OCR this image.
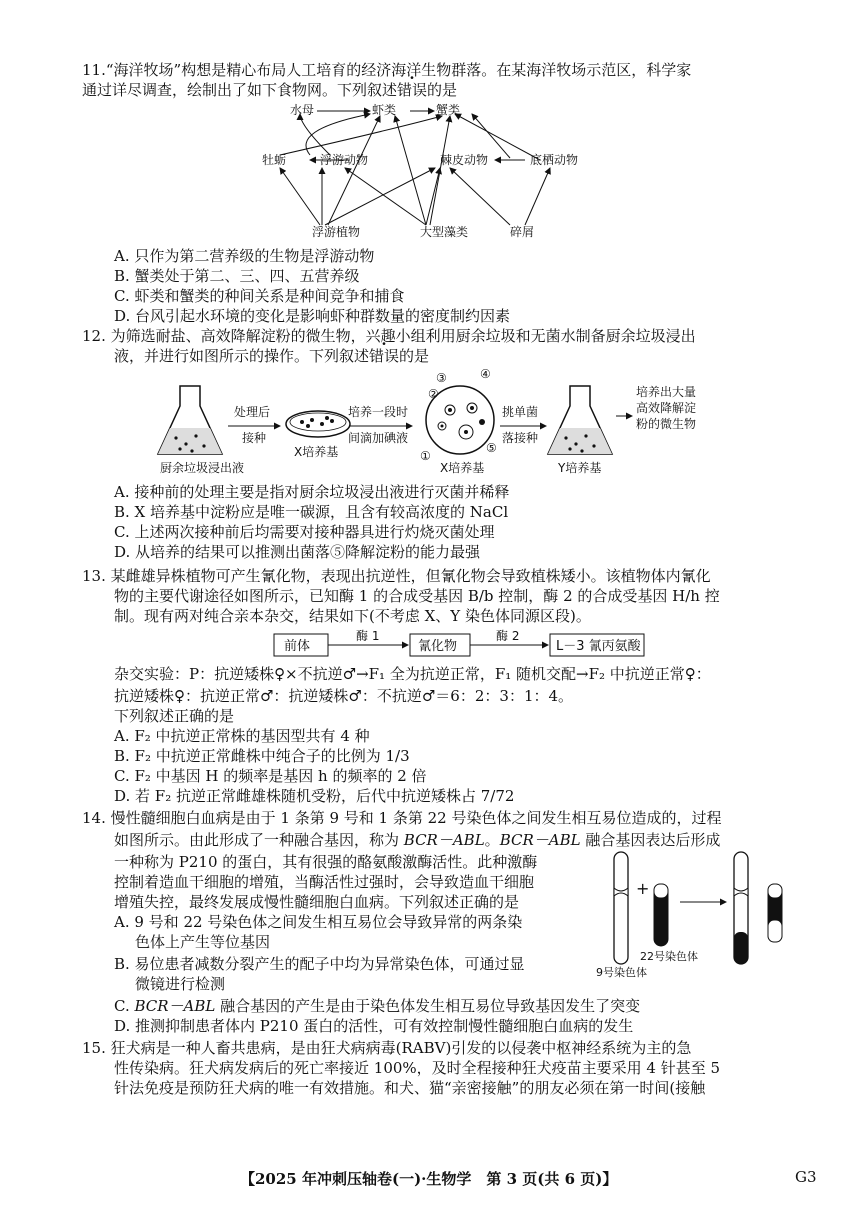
11.“海洋牧场”构想是精心布局人工培育的经济海洋生物群落。在某海洋牧场示范区，科学家
通过详尽调查，绘制出了如下食物网。下列叙述错误的是
水母	虾类	蟹类
牡蛎	浮游动物	棘皮动物	底栖动物
浮游植物	大型藻类	碎屑
A. 只作为第二营养级的生物是浮游动物
B. 蟹类处于第二、三、四、五营养级
C. 虾类和蟹类的种间关系是种间竞争和捕食
D. 台风引起水环境的变化是影响虾种群数量的密度制约因素
12. 为筛选耐盐、高效降解淀粉的微生物，兴趣小组利用厨余垃圾和无菌水制备厨余垃圾浸出
液，并进行如图所示的操作。下列叙述错误的是
厨余垃圾浸出液
处理后
接种
X培养基
培养一段时
间滴加碘液
③	④
②
①
⑤
X培养基
挑单菌
落接种
Y培养基
培养出大量
高效降解淀
粉的微生物
A. 接种前的处理主要是指对厨余垃圾浸出液进行灭菌并稀释
B. X 培养基中淀粉应是唯一碳源，且含有较高浓度的 NaCl
C. 上述两次接种前后均需要对接种器具进行灼烧灭菌处理
D. 从培养的结果可以推测出菌落⑤降解淀粉的能力最强
13. 某雌雄异株植物可产生氰化物，表现出抗逆性，但氰化物会导致植株矮小。该植物体内氰化
物的主要代谢途径如图所示，已知酶 1 的合成受基因 B/b 控制，酶 2 的合成受基因 H/h 控
制。现有两对纯合亲本杂交，结果如下(不考虑 X、Y 染色体同源区段)。
前体
酶 1
氰化物
酶 2
L－3 氰丙氨酸
杂交实验：P：抗逆矮株♀×不抗逆♂→F₁ 全为抗逆正常，F₁ 随机交配→F₂ 中抗逆正常♀：
抗逆矮株♀：抗逆正常♂：抗逆矮株♂：不抗逆♂＝6：2：3：1：4。
下列叙述正确的是
A. F₂ 中抗逆正常株的基因型共有 4 种
B. F₂ 中抗逆正常雌株中纯合子的比例为 1/3
C. F₂ 中基因 H 的频率是基因 h 的频率的 2 倍
D. 若 F₂ 抗逆正常雌雄株随机受粉，后代中抗逆矮株占 7/72
14. 慢性髓细胞白血病是由于 1 条第 9 号和 1 条第 22 号染色体之间发生相互易位造成的，过程
如图所示。由此形成了一种融合基因，称为 BCR－ABL。BCR－ABL 融合基因表达后形成
一种称为 P210 的蛋白，其有很强的酪氨酸激酶活性。此种激酶
控制着造血干细胞的增殖，当酶活性过强时，会导致造血干细胞
增殖失控，最终发展成慢性髓细胞白血病。下列叙述正确的是
A. 9 号和 22 号染色体之间发生相互易位会导致异常的两条染
色体上产生等位基因
B. 易位患者减数分裂产生的配子中均为异常染色体，可通过显
微镜进行检测
C. BCR－ABL 融合基因的产生是由于染色体发生相互易位导致基因发生了突变
D. 推测抑制患者体内 P210 蛋白的活性，可有效控制慢性髓细胞白血病的发生
+
22号染色体
9号染色体
15. 狂犬病是一种人畜共患病，是由狂犬病病毒(RABV)引发的以侵袭中枢神经系统为主的急
性传染病。狂犬病发病后的死亡率接近 100%，及时全程接种狂犬疫苗主要采用 4 针甚至 5
针法免疫是预防狂犬病的唯一有效措施。和犬、猫“亲密接触”的朋友必须在第一时间(接触
【2025 年冲刺压轴卷(一)·生物学　第 3 页(共 6 页)】	G3
